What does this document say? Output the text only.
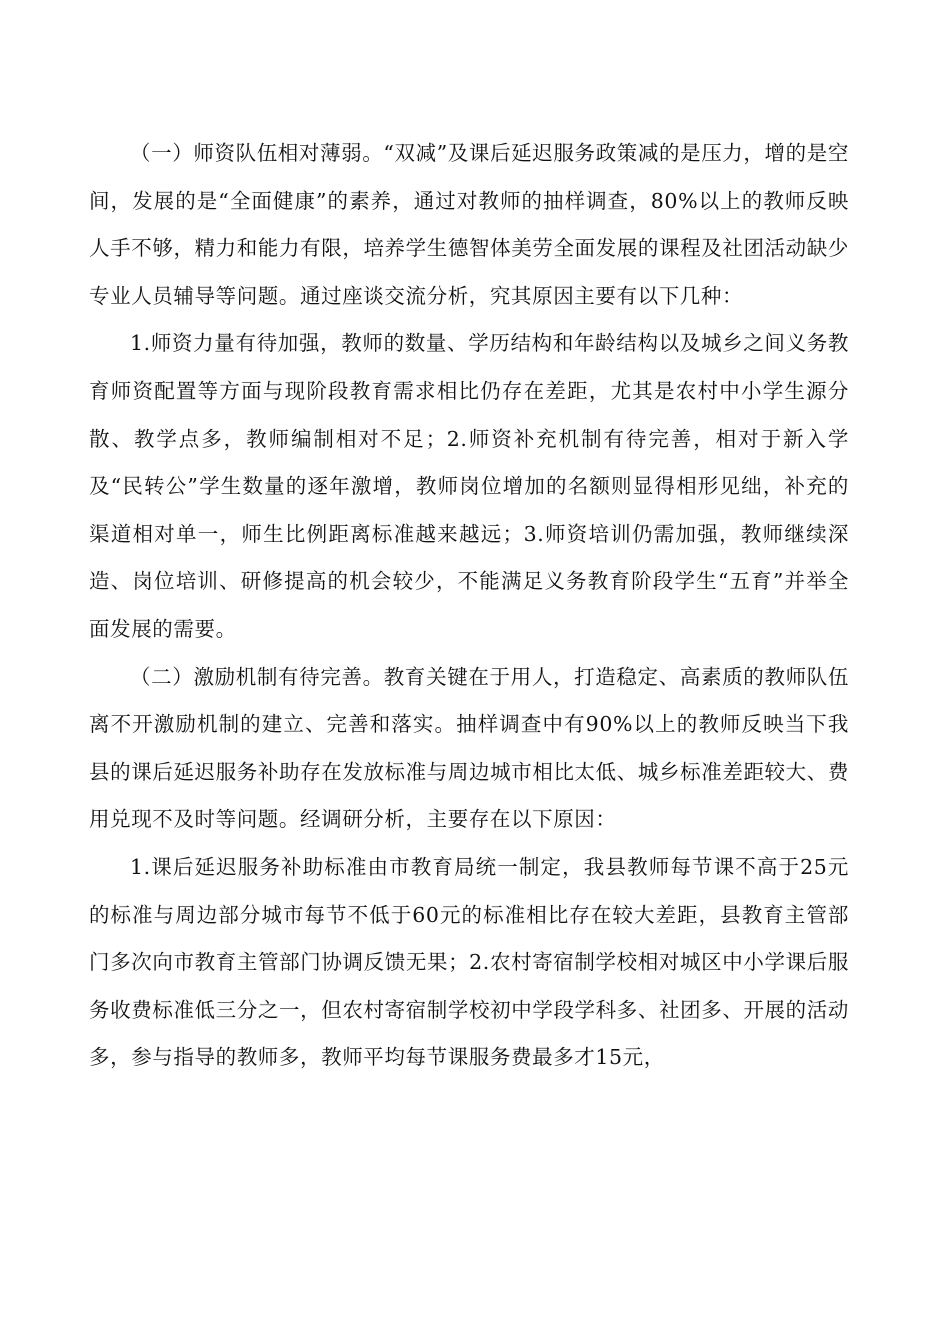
（一）师资队伍相对薄弱。“双减”及课后延迟服务政策减的是压力，增的是空间，发展的是“全面健康”的素养，通过对教师的抽样调查，80%以上的教师反映人手不够，精力和能力有限，培养学生德智体美劳全面发展的课程及社团活动缺少专业人员辅导等问题。通过座谈交流分析，究其原因主要有以下几种：

1.师资力量有待加强，教师的数量、学历结构和年龄结构以及城乡之间义务教育师资配置等方面与现阶段教育需求相比仍存在差距，尤其是农村中小学生源分散、教学点多，教师编制相对不足；2.师资补充机制有待完善，相对于新入学及“民转公”学生数量的逐年激增，教师岗位增加的名额则显得相形见绌，补充的渠道相对单一，师生比例距离标准越来越远；3.师资培训仍需加强，教师继续深造、岗位培训、研修提高的机会较少，不能满足义务教育阶段学生“五育”并举全面发展的需要。

（二）激励机制有待完善。教育关键在于用人，打造稳定、高素质的教师队伍离不开激励机制的建立、完善和落实。抽样调查中有90%以上的教师反映当下我县的课后延迟服务补助存在发放标准与周边城市相比太低、城乡标准差距较大、费用兑现不及时等问题。经调研分析，主要存在以下原因：

1.课后延迟服务补助标准由市教育局统一制定，我县教师每节课不高于25元的标准与周边部分城市每节不低于60元的标准相比存在较大差距，县教育主管部门多次向市教育主管部门协调反馈无果；2.农村寄宿制学校相对城区中小学课后服务收费标准低三分之一，但农村寄宿制学校初中学段学科多、社团多、开展的活动多，参与指导的教师多，教师平均每节课服务费最多才15元，
